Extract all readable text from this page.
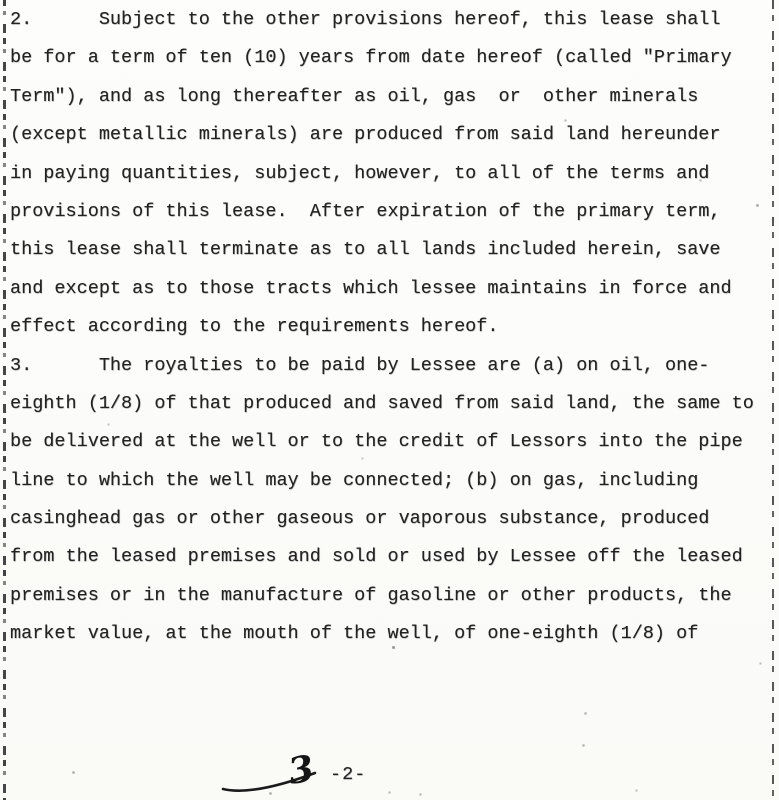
2.      Subject to the other provisions hereof, this lease shall
be for a term of ten (10) years from date hereof (called "Primary
Term"), and as long thereafter as oil, gas  or  other minerals
(except metallic minerals) are produced from said land hereunder
in paying quantities, subject, however, to all of the terms and
provisions of this lease.  After expiration of the primary term,
this lease shall terminate as to all lands included herein, save
and except as to those tracts which lessee maintains in force and
effect according to the requirements hereof.
3.      The royalties to be paid by Lessee are (a) on oil, one-
eighth (1/8) of that produced and saved from said land, the same to
be delivered at the well or to the credit of Lessors into the pipe
line to which the well may be connected; (b) on gas, including
casinghead gas or other gaseous or vaporous substance, produced
from the leased premises and sold or used by Lessee off the leased
premises or in the manufacture of gasoline or other products, the
market value, at the mouth of the well, of one-eighth (1/8) of
3 -2-
